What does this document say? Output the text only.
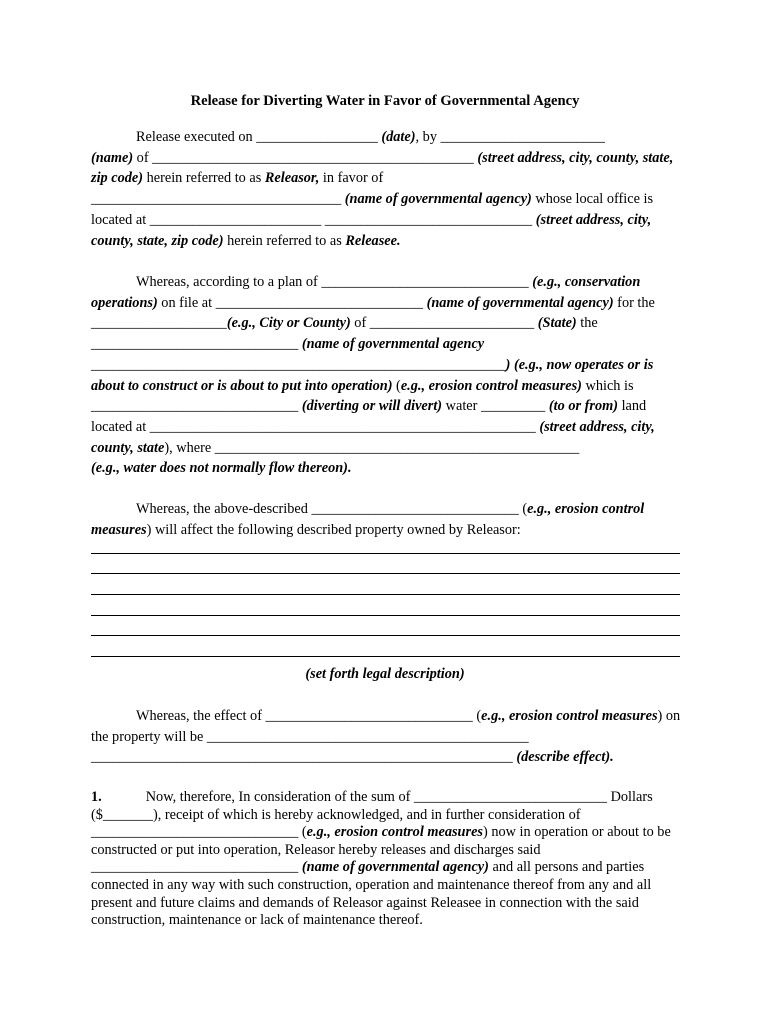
Release for Diverting Water in Favor of Governmental Agency

Release executed on _________________ (date), by _______________________
(name) of _____________________________________________ (street address, city, county, state, zip code) herein referred to as Releasor, in favor of
___________________________________ (name of governmental agency) whose local office is located at ________________________ _____________________________ (street address, city, county, state, zip code) herein referred to as Releasee.

Whereas, according to a plan of _____________________________ (e.g., conservation operations) on file at _____________________________ (name of governmental agency) for the ___________________(e.g., City or County) of _______________________ (State) the
_____________________________ (name of governmental agency
__________________________________________________________) (e.g., now operates or is about to construct or is about to put into operation) (e.g., erosion control measures) which is
_____________________________ (diverting or will divert) water _________ (to or from) land
located at ______________________________________________________ (street address, city, county, state), where ___________________________________________________
(e.g., water does not normally flow thereon).

Whereas, the above-described _____________________________ (e.g., erosion control measures) will affect the following described property owned by Releasor:

(set forth legal description)

Whereas, the effect of _____________________________ (e.g., erosion control measures) on the property will be _____________________________________________
___________________________________________________________ (describe effect).

1.	Now, therefore, In consideration of the sum of ___________________________ Dollars ($_______), receipt of which is hereby acknowledged, and in further consideration of
_____________________________ (e.g., erosion control measures) now in operation or about to be constructed or put into operation, Releasor hereby releases and discharges said
_____________________________ (name of governmental agency) and all persons and parties connected in any way with such construction, operation and maintenance thereof from any and all present and future claims and demands of Releasor against Releasee in connection with the said construction, maintenance or lack of maintenance thereof.
